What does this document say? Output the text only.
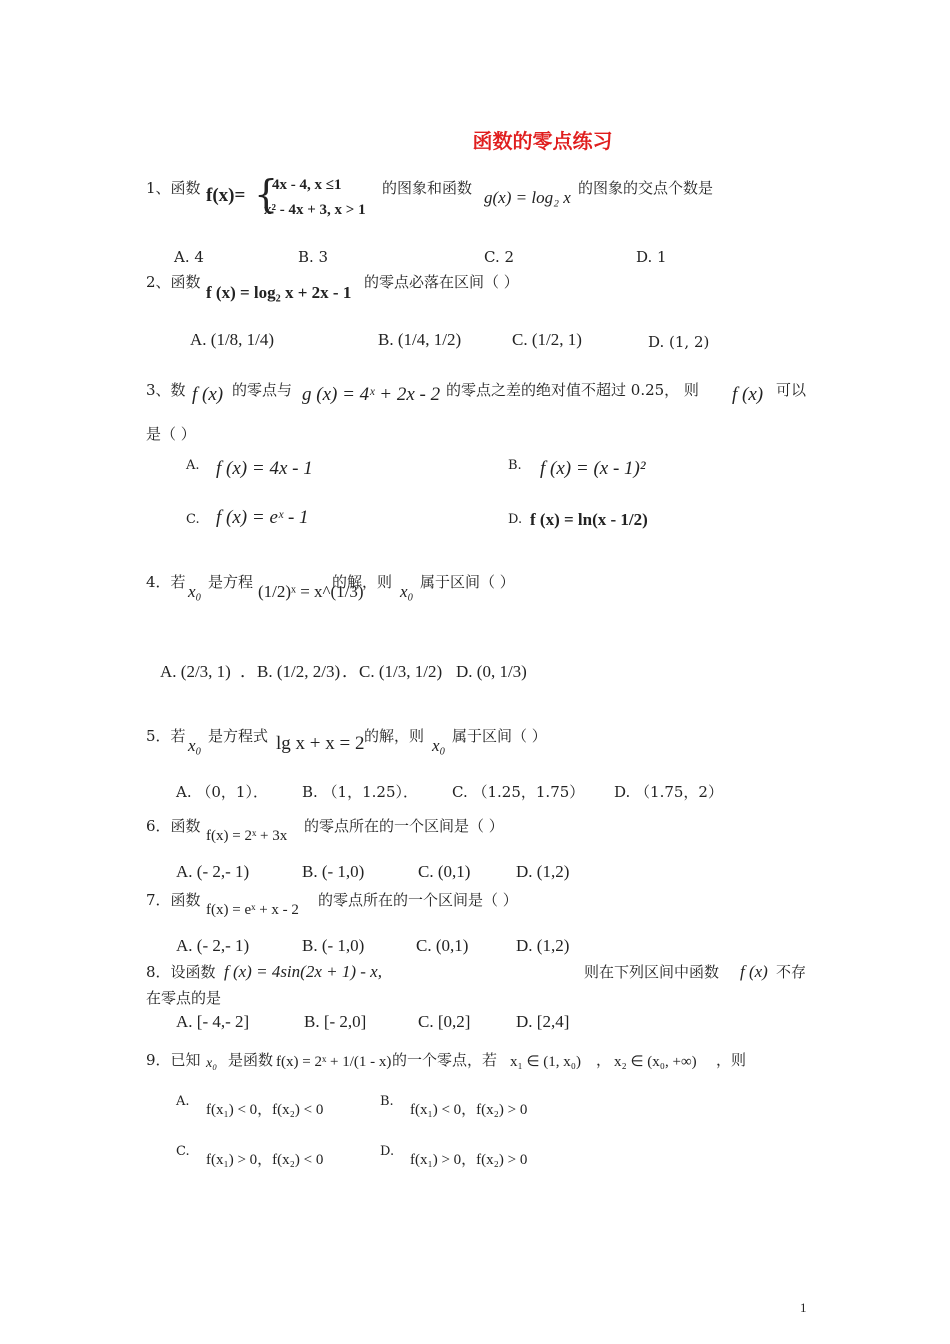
函数的零点练习
1、函数 f(x)= {
4x - 4, x ≤1
x² - 4x + 3, x > 1
的图象和函数 g(x) = log₂ x 的图象的交点个数是
A. 4	B. 3	C. 2	D. 1
2、函数
f (x) = log₂ x + 2x - 1
的零点必落在区间（ ）
A. (1/8, 1/4)	B. (1/4, 1/2)	C. (1/2, 1)	D. (1, 2)
3、数 f (x) 的零点与 g (x) = 4ˣ + 2x - 2 的零点之差的绝对值不超过 0.25， 则 f (x) 可以
是（ ）
A. f (x) = 4x - 1	B. f (x) = (x - 1)²
C. f (x) = eˣ - 1	D. f (x) = ln(x - 1/2)
4．若 x₀ 是方程 (1/2)ˣ = x^(1/3)
的解，则 x₀ 属于区间（ ）
A. (2/3, 1) ．B. (1/2, 2/3) ．C. (1/3, 1/2) D. (0, 1/3)
5．若 x₀ 是方程式 lg x + x = 2 的解，则 x₀ 属于区间（ ）
A. （0，1）． B. （1，1.25）． C. （1.25，1.75） D. （1.75，2）
6．函数
f(x) = 2ˣ + 3x
的零点所在的一个区间是（ ）
A. (- 2,- 1)	B. (- 1,0)	C. (0,1)	D. (1,2)
7．函数
f(x) = eˣ + x - 2
的零点所在的一个区间是（ ）
A. (- 2,- 1)	B. (- 1,0)	C. (0,1)	D. (1,2)
8．设函数 f (x) = 4sin(2x + 1) - x,	则在下列区间中函数 f (x) 不存
在零点的是
A. [- 4,- 2]	B. [- 2,0]	C. [0,2]	D. [2,4]
9．已知 x₀ 是函数 f(x) = 2ˣ + 1/(1 - x) 的一个零点，若 x₁ ∈ (1, x₀) ， x₂ ∈ (x₀, +∞) ，则
A.
f(x₁) < 0，f(x₂) < 0
B.
f(x₁) < 0，f(x₂) > 0
C.
f(x₁) > 0，f(x₂) < 0
D.
f(x₁) > 0，f(x₂) > 0
1
